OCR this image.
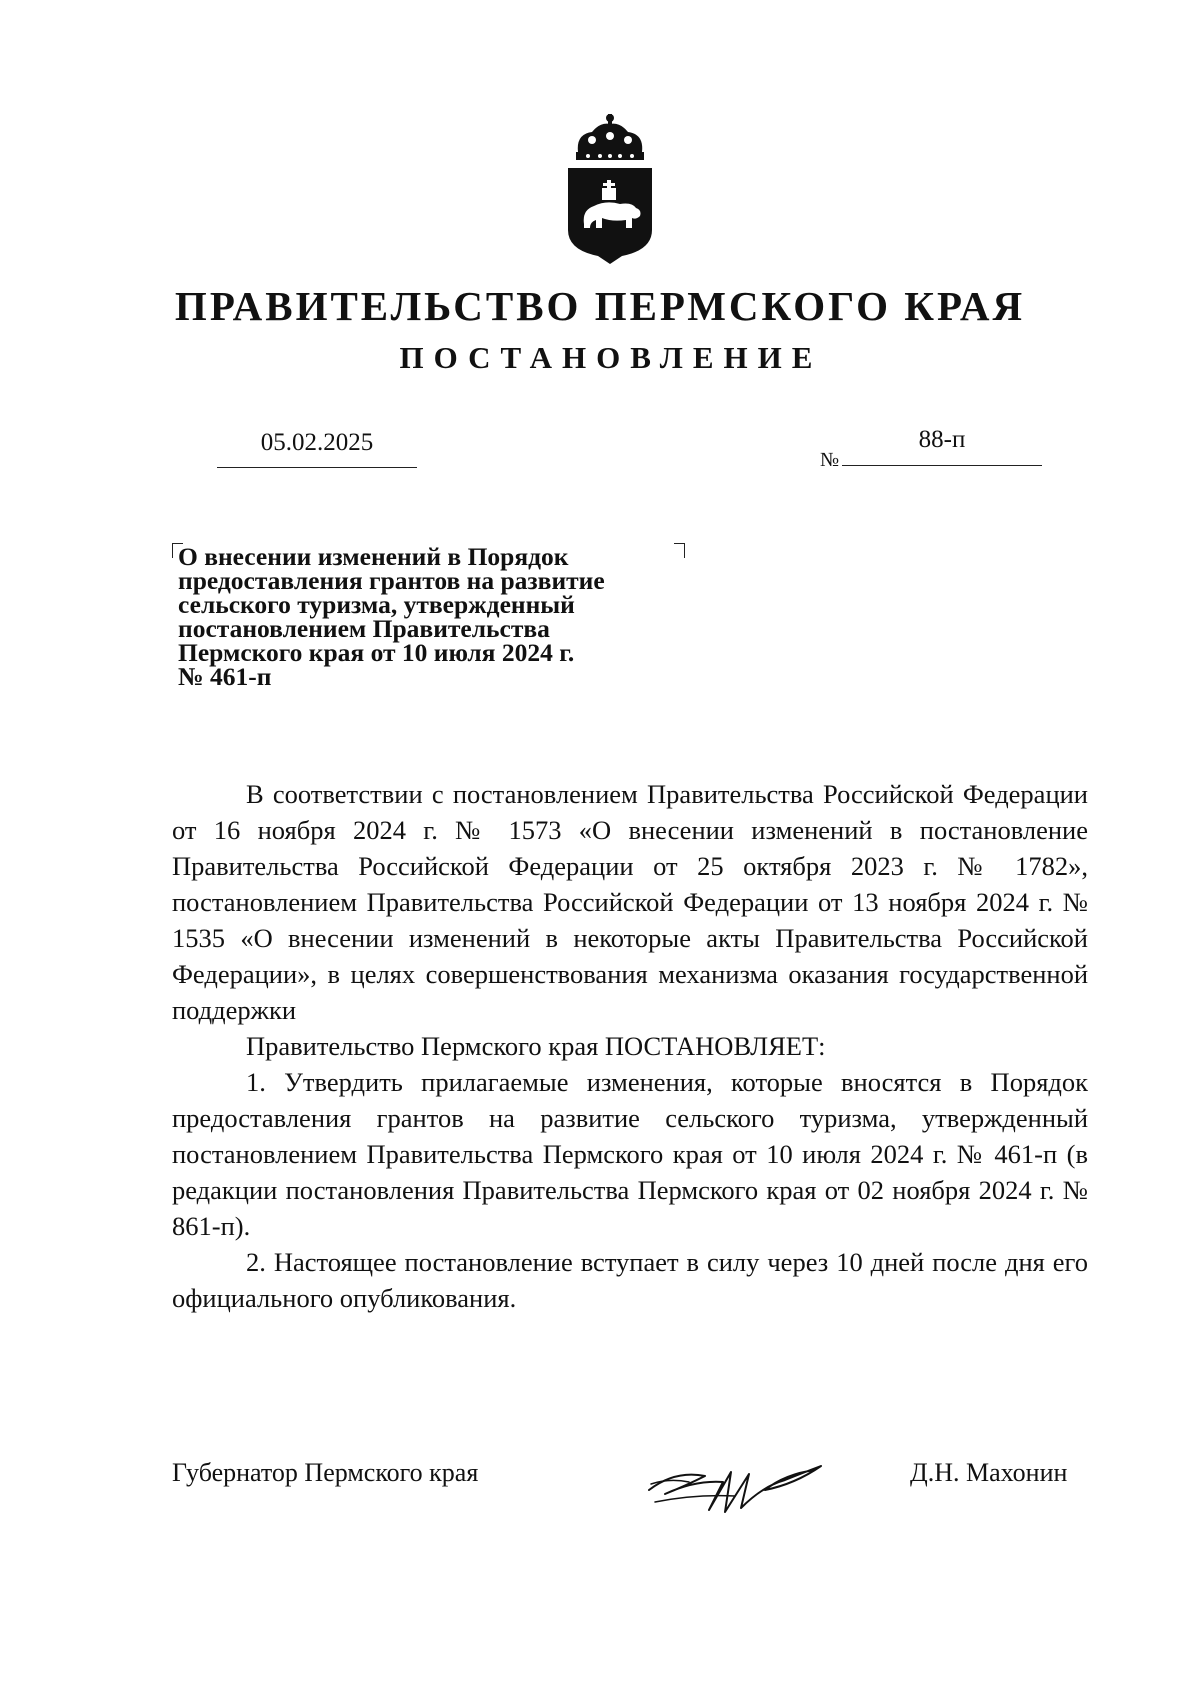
ПРАВИТЕЛЬСТВО ПЕРМСКОГО КРАЯ
ПОСТАНОВЛЕНИЕ
05.02.2025
№
88-п
О внесении изменений в Порядок
предоставления грантов на развитие
сельского туризма, утвержденный
постановлением Правительства
Пермского края от 10 июля 2024 г.
№ 461-п

В соответствии с постановлением Правительства Российской Федерации от 16 ноября 2024 г. № 1573 «О внесении изменений в постановление Правительства Российской Федерации от 25 октября 2023 г. № 1782», постановлением Правительства Российской Федерации от 13 ноября 2024 г. № 1535 «О внесении изменений в некоторые акты Правительства Российской Федерации», в целях совершенствования механизма оказания государственной поддержки

Правительство Пермского края ПОСТАНОВЛЯЕТ:

1. Утвердить прилагаемые изменения, которые вносятся в Порядок предоставления грантов на развитие сельского туризма, утвержденный постановлением Правительства Пермского края от 10 июля 2024 г. № 461-п (в редакции постановления Правительства Пермского края от 02 ноября 2024 г. № 861-п).

2. Настоящее постановление вступает в силу через 10 дней после дня его официального опубликования.

Губернатор Пермского края	Д.Н. Махонин
